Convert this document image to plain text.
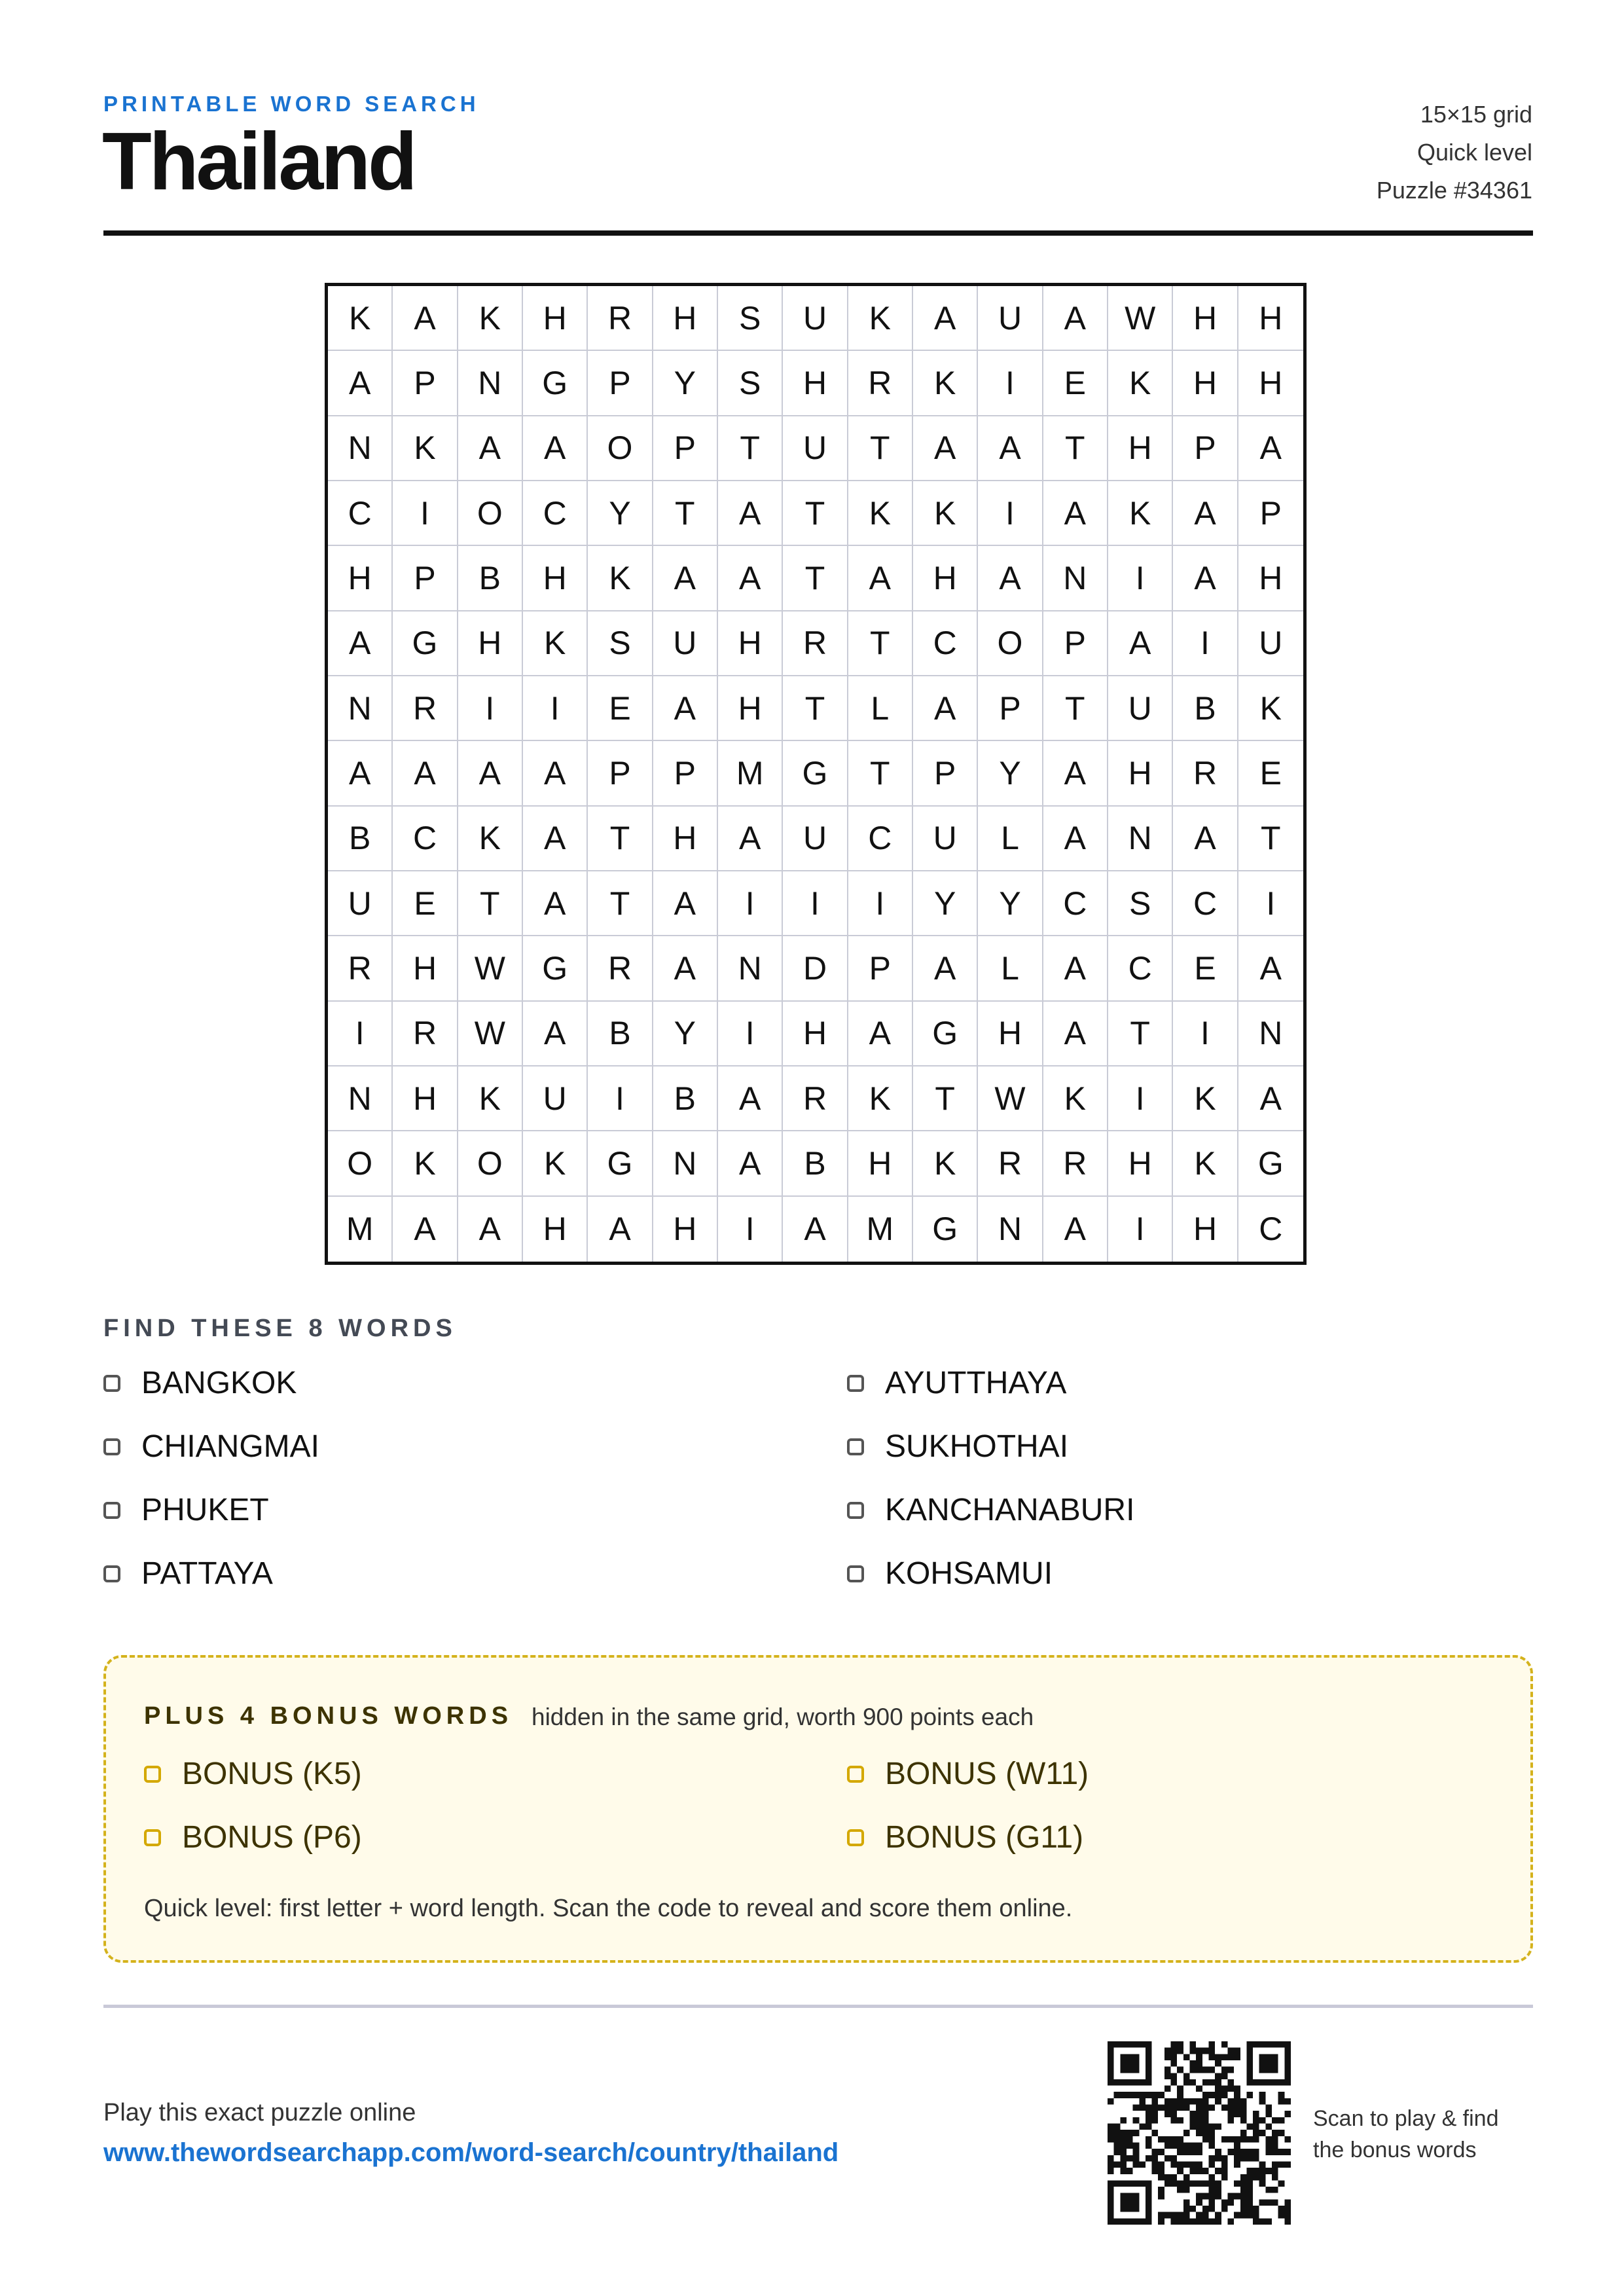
PRINTABLE WORD SEARCH
Thailand
15×15 grid
Quick level
Puzzle #34361
K	A	K	H	R	H	S	U	K	A	U	A	W	H	H
A	P	N	G	P	Y	S	H	R	K	I	E	K	H	H
N	K	A	A	O	P	T	U	T	A	A	T	H	P	A
C	I	O	C	Y	T	A	T	K	K	I	A	K	A	P
H	P	B	H	K	A	A	T	A	H	A	N	I	A	H
A	G	H	K	S	U	H	R	T	C	O	P	A	I	U
N	R	I	I	E	A	H	T	L	A	P	T	U	B	K
A	A	A	A	P	P	M	G	T	P	Y	A	H	R	E
B	C	K	A	T	H	A	U	C	U	L	A	N	A	T
U	E	T	A	T	A	I	I	I	Y	Y	C	S	C	I
R	H	W	G	R	A	N	D	P	A	L	A	C	E	A
I	R	W	A	B	Y	I	H	A	G	H	A	T	I	N
N	H	K	U	I	B	A	R	K	T	W	K	I	K	A
O	K	O	K	G	N	A	B	H	K	R	R	H	K	G
M	A	A	H	A	H	I	A	M	G	N	A	I	H	C
FIND THESE 8 WORDS
BANGKOK
CHIANGMAI
PHUKET
PATTAYA
AYUTTHAYA
SUKHOTHAI
KANCHANABURI
KOHSAMUI
PLUS 4 BONUS WORDS hidden in the same grid, worth 900 points each
BONUS (K5)
BONUS (P6)
BONUS (W11)
BONUS (G11)
Quick level: first letter + word length. Scan the code to reveal and score them online.
Play this exact puzzle online
www.thewordsearchapp.com/word-search/country/thailand
Scan to play & find
the bonus words
